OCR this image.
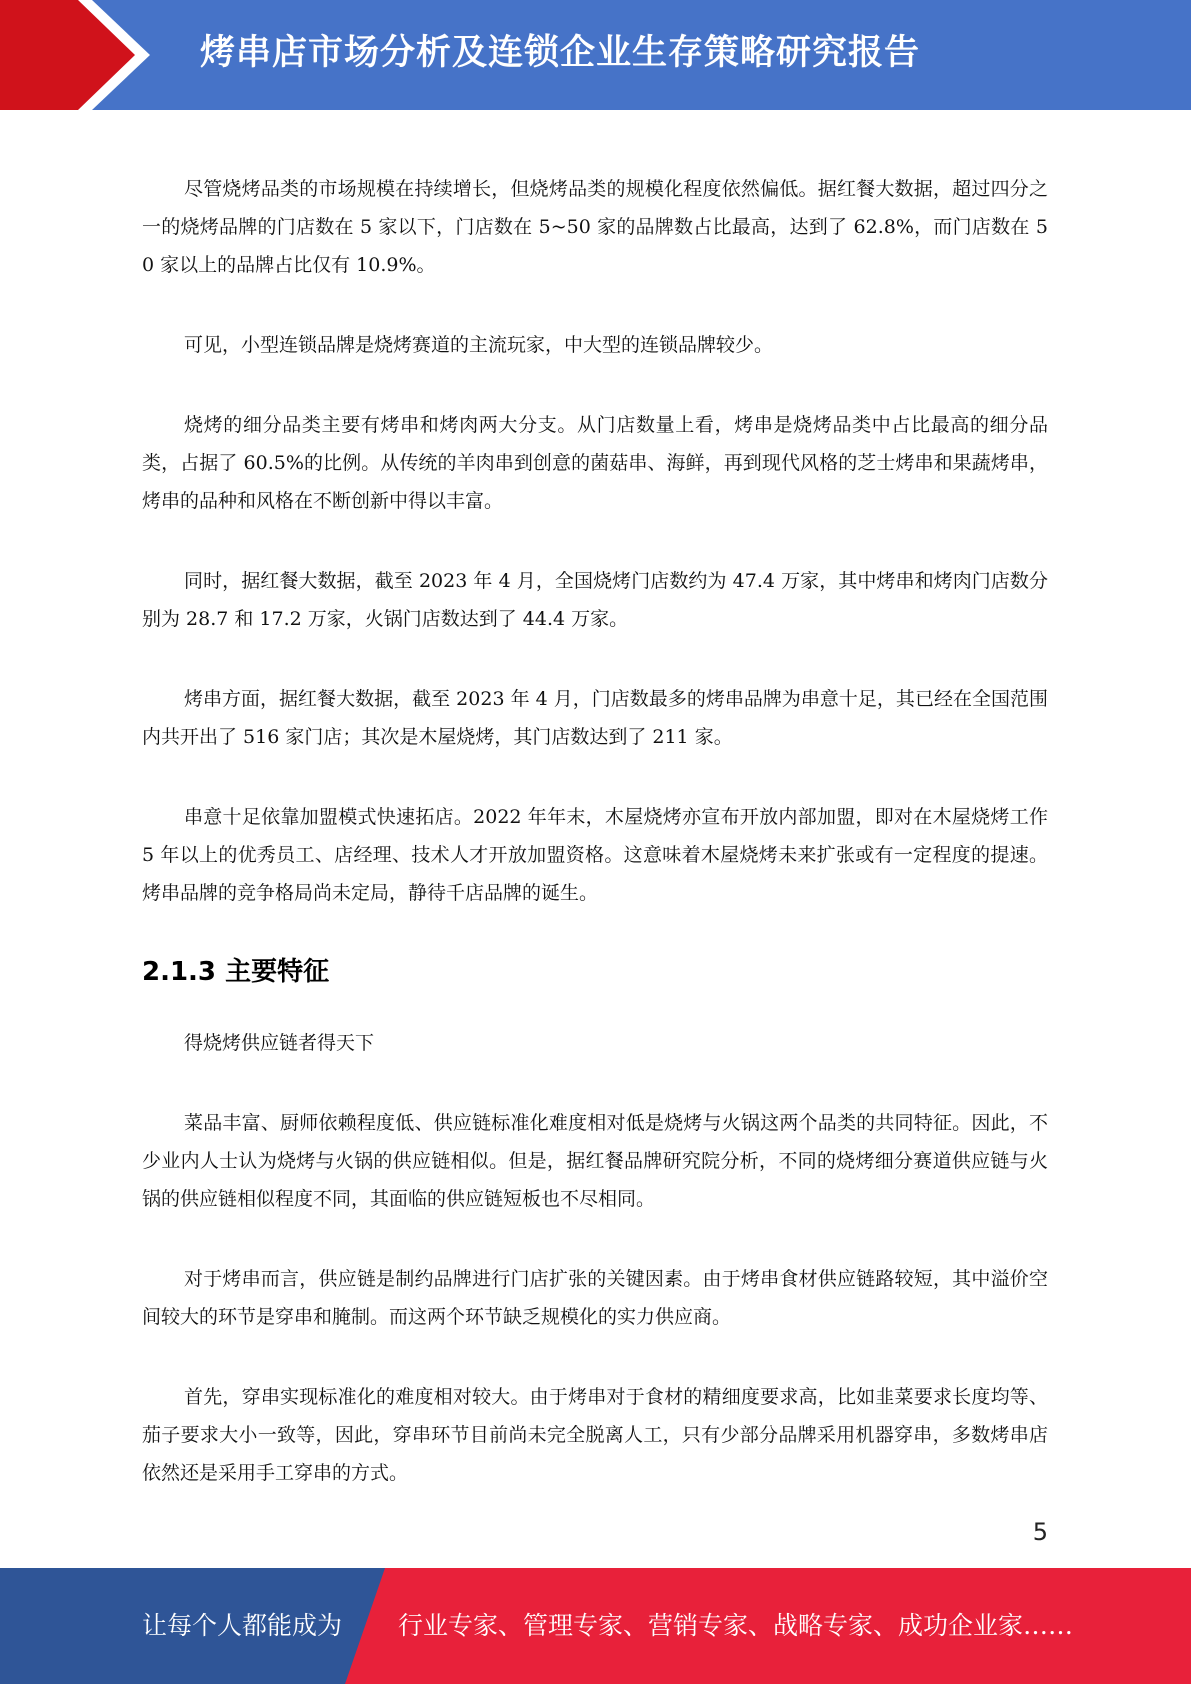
烤串店市场分析及连锁企业生存策略研究报告

尽管烧烤品类的市场规模在持续增长，但烧烤品类的规模化程度依然偏低。据红餐大数据，超过四分之一的烧烤品牌的门店数在 5 家以下，门店数在 5~50 家的品牌数占比最高，达到了 62.8%，而门店数在 50 家以上的品牌占比仅有 10.9%。

可见，小型连锁品牌是烧烤赛道的主流玩家，中大型的连锁品牌较少。

烧烤的细分品类主要有烤串和烤肉两大分支。从门店数量上看，烤串是烧烤品类中占比最高的细分品类，占据了 60.5%的比例。从传统的羊肉串到创意的菌菇串、海鲜，再到现代风格的芝士烤串和果蔬烤串，烤串的品种和风格在不断创新中得以丰富。

同时，据红餐大数据，截至 2023 年 4 月，全国烧烤门店数约为 47.4 万家，其中烤串和烤肉门店数分别为 28.7 和 17.2 万家，火锅门店数达到了 44.4 万家。

烤串方面，据红餐大数据，截至 2023 年 4 月，门店数最多的烤串品牌为串意十足，其已经在全国范围内共开出了 516 家门店；其次是木屋烧烤，其门店数达到了 211 家。

串意十足依靠加盟模式快速拓店。2022 年年末，木屋烧烤亦宣布开放内部加盟，即对在木屋烧烤工作 5 年以上的优秀员工、店经理、技术人才开放加盟资格。这意味着木屋烧烤未来扩张或有一定程度的提速。烤串品牌的竞争格局尚未定局，静待千店品牌的诞生。

2.1.3 主要特征

得烧烤供应链者得天下

菜品丰富、厨师依赖程度低、供应链标准化难度相对低是烧烤与火锅这两个品类的共同特征。因此，不少业内人士认为烧烤与火锅的供应链相似。但是，据红餐品牌研究院分析，不同的烧烤细分赛道供应链与火锅的供应链相似程度不同，其面临的供应链短板也不尽相同。

对于烤串而言，供应链是制约品牌进行门店扩张的关键因素。由于烤串食材供应链路较短，其中溢价空间较大的环节是穿串和腌制。而这两个环节缺乏规模化的实力供应商。

首先，穿串实现标准化的难度相对较大。由于烤串对于食材的精细度要求高，比如韭菜要求长度均等、茄子要求大小一致等，因此，穿串环节目前尚未完全脱离人工，只有少部分品牌采用机器穿串，多数烤串店依然还是采用手工穿串的方式。

5
让每个人都能成为 行业专家、管理专家、营销专家、战略专家、成功企业家……
